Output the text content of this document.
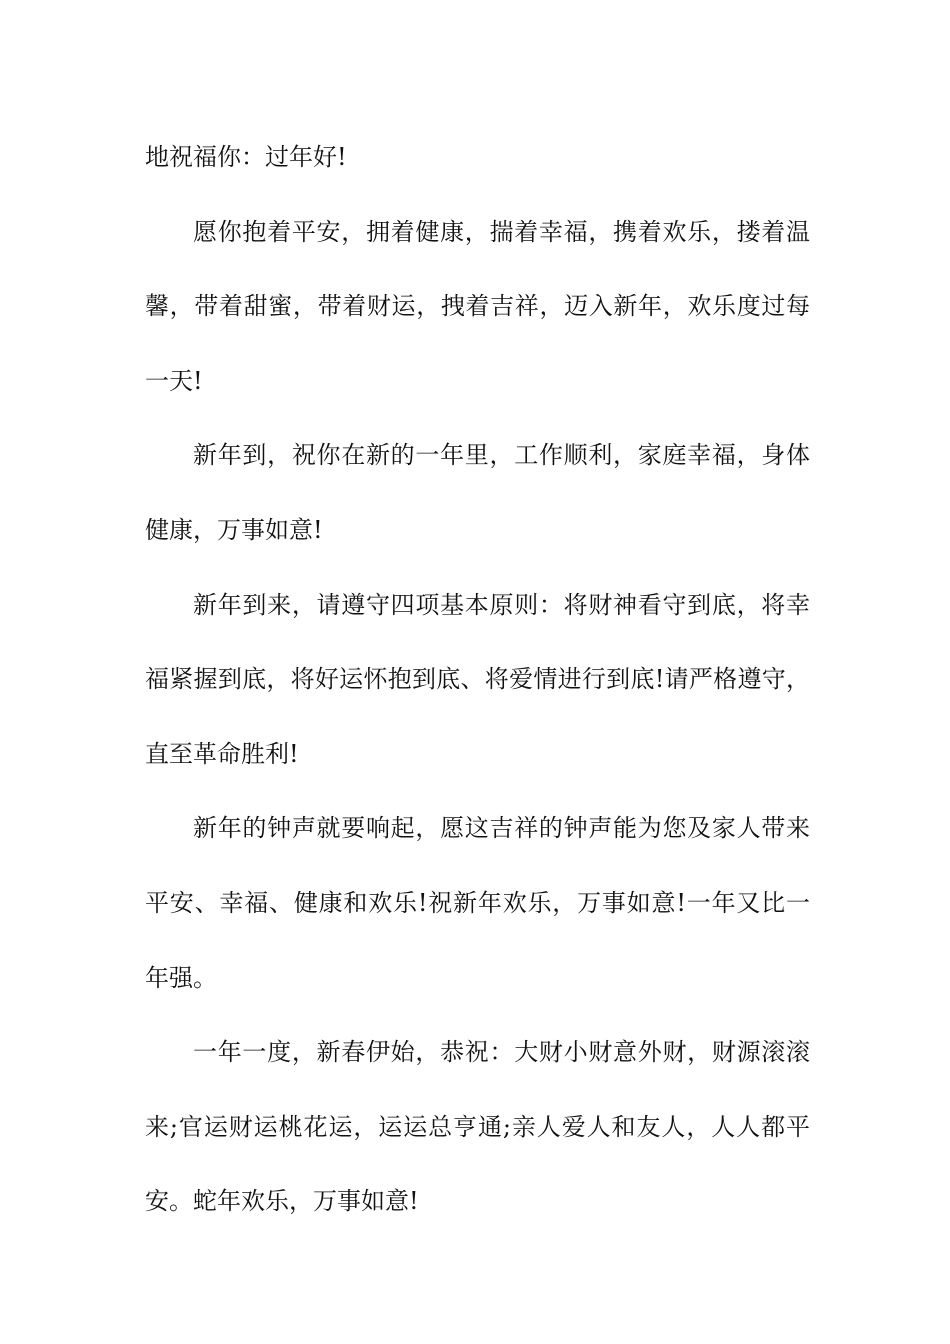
地祝福你：过年好!

愿你抱着平安，拥着健康，揣着幸福，携着欢乐，搂着温馨，带着甜蜜，带着财运，拽着吉祥，迈入新年，欢乐度过每一天!

新年到，祝你在新的一年里，工作顺利，家庭幸福，身体健康，万事如意!

新年到来，请遵守四项基本原则：将财神看守到底，将幸福紧握到底，将好运怀抱到底、将爱情进行到底!请严格遵守，直至革命胜利!

新年的钟声就要响起，愿这吉祥的钟声能为您及家人带来平安、幸福、健康和欢乐!祝新年欢乐，万事如意!一年又比一年强。

一年一度，新春伊始，恭祝：大财小财意外财，财源滚滚来;官运财运桃花运，运运总亨通;亲人爱人和友人，人人都平安。蛇年欢乐，万事如意!
